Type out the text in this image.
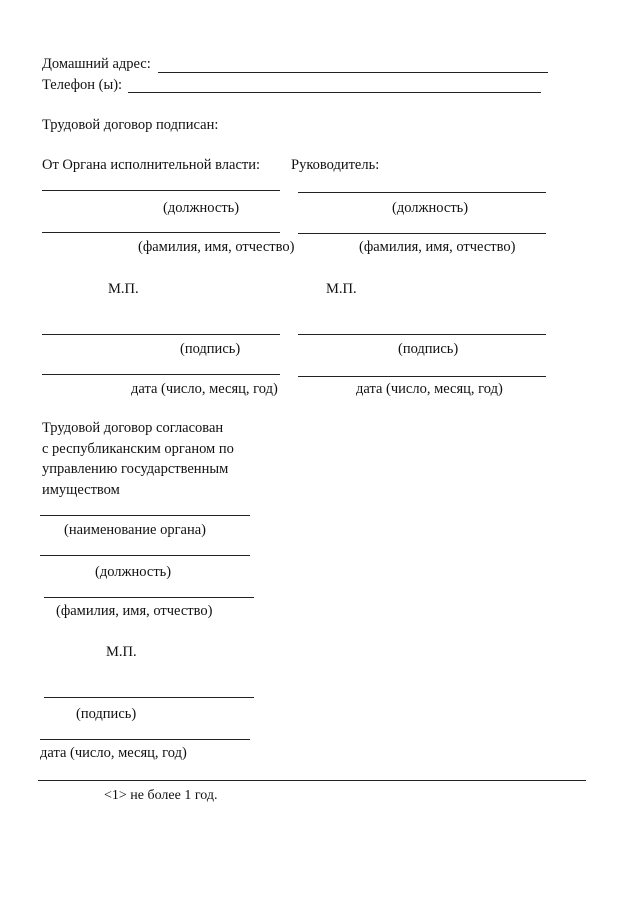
Домашний адрес:
Телефон (ы):
Трудовой договор подписан:
От Органа исполнительной власти:
(должность)
(фамилия, имя, отчество)
М.П.
(подпись)
дата (число, месяц, год)
Руководитель:
(должность)
(фамилия, имя, отчество)
М.П.
(подпись)
дата (число, месяц, год)
Трудовой договор согласован
с республиканским органом по
управлению государственным
имуществом
(наименование органа)
(должность)
(фамилия, имя, отчество)
М.П.
(подпись)
дата (число, месяц, год)
<1> не более 1 год.
